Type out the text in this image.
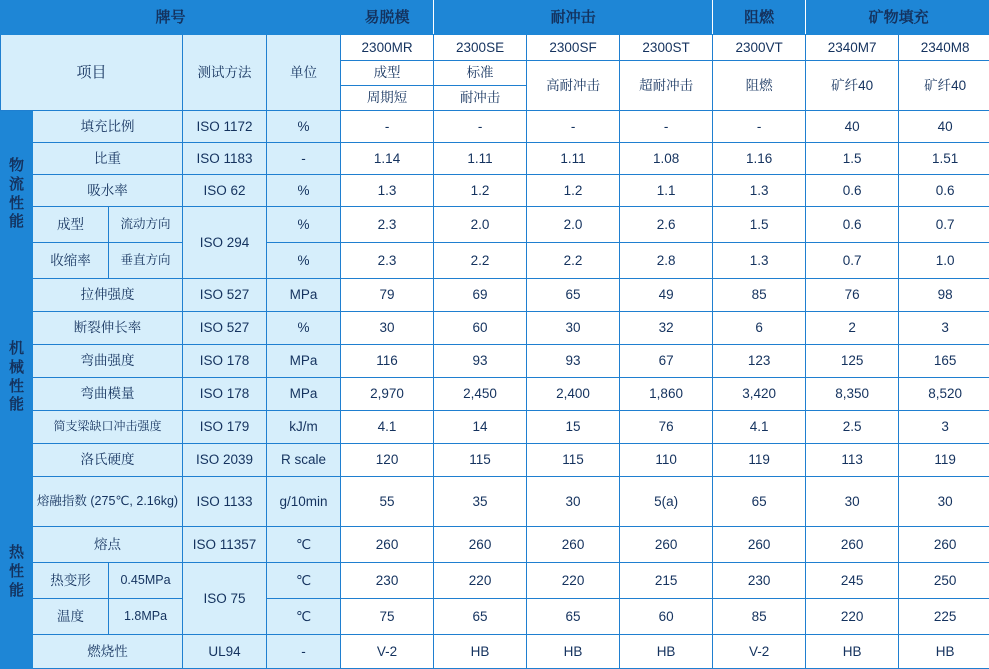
牌号					易脱模	耐冲击			阻燃	矿物填充	
项目			测试方法	单位	2300MR	2300SE	2300SF	2300ST	2300VT	2340M7	2340M8
					成型	标准	高耐冲击	超耐冲击	阻燃	矿纤40	矿纤40
					周期短	耐冲击					
物流性能	填充比例		ISO 1172	%	-	-	-	-	-	40	40
	比重		ISO 1183	-	1.14	1.11	1.11	1.08	1.16	1.5	1.51
	吸水率		ISO 62	%	1.3	1.2	1.2	1.1	1.3	0.6	0.6
	成型	流动方向	ISO 294	%	2.3	2.0	2.0	2.6	1.5	0.6	0.7
	收缩率	垂直方向		%	2.3	2.2	2.2	2.8	1.3	0.7	1.0
机械性能	拉伸强度		ISO 527	MPa	79	69	65	49	85	76	98
	断裂伸长率		ISO 527	%	30	60	30	32	6	2	3
	弯曲强度		ISO 178	MPa	116	93	93	67	123	125	165
	弯曲模量		ISO 178	MPa	2,970	2,450	2,400	1,860	3,420	8,350	8,520
	简支梁缺口冲击强度		ISO 179	kJ/m	4.1	14	15	76	4.1	2.5	3
	洛氏硬度		ISO 2039	R scale	120	115	115	110	119	113	119
热性能	熔融指数 (275℃, 2.16kg)		ISO 1133	g/10min	55	35	30	5(a)	65	30	30
	熔点		ISO 11357	℃	260	260	260	260	260	260	260
	热变形	0.45MPa	ISO 75	℃	230	220	220	215	230	245	250
	温度	1.8MPa		℃	75	65	65	60	85	220	225
	燃烧性		UL94	-	V-2	HB	HB	HB	V-2	HB	HB
